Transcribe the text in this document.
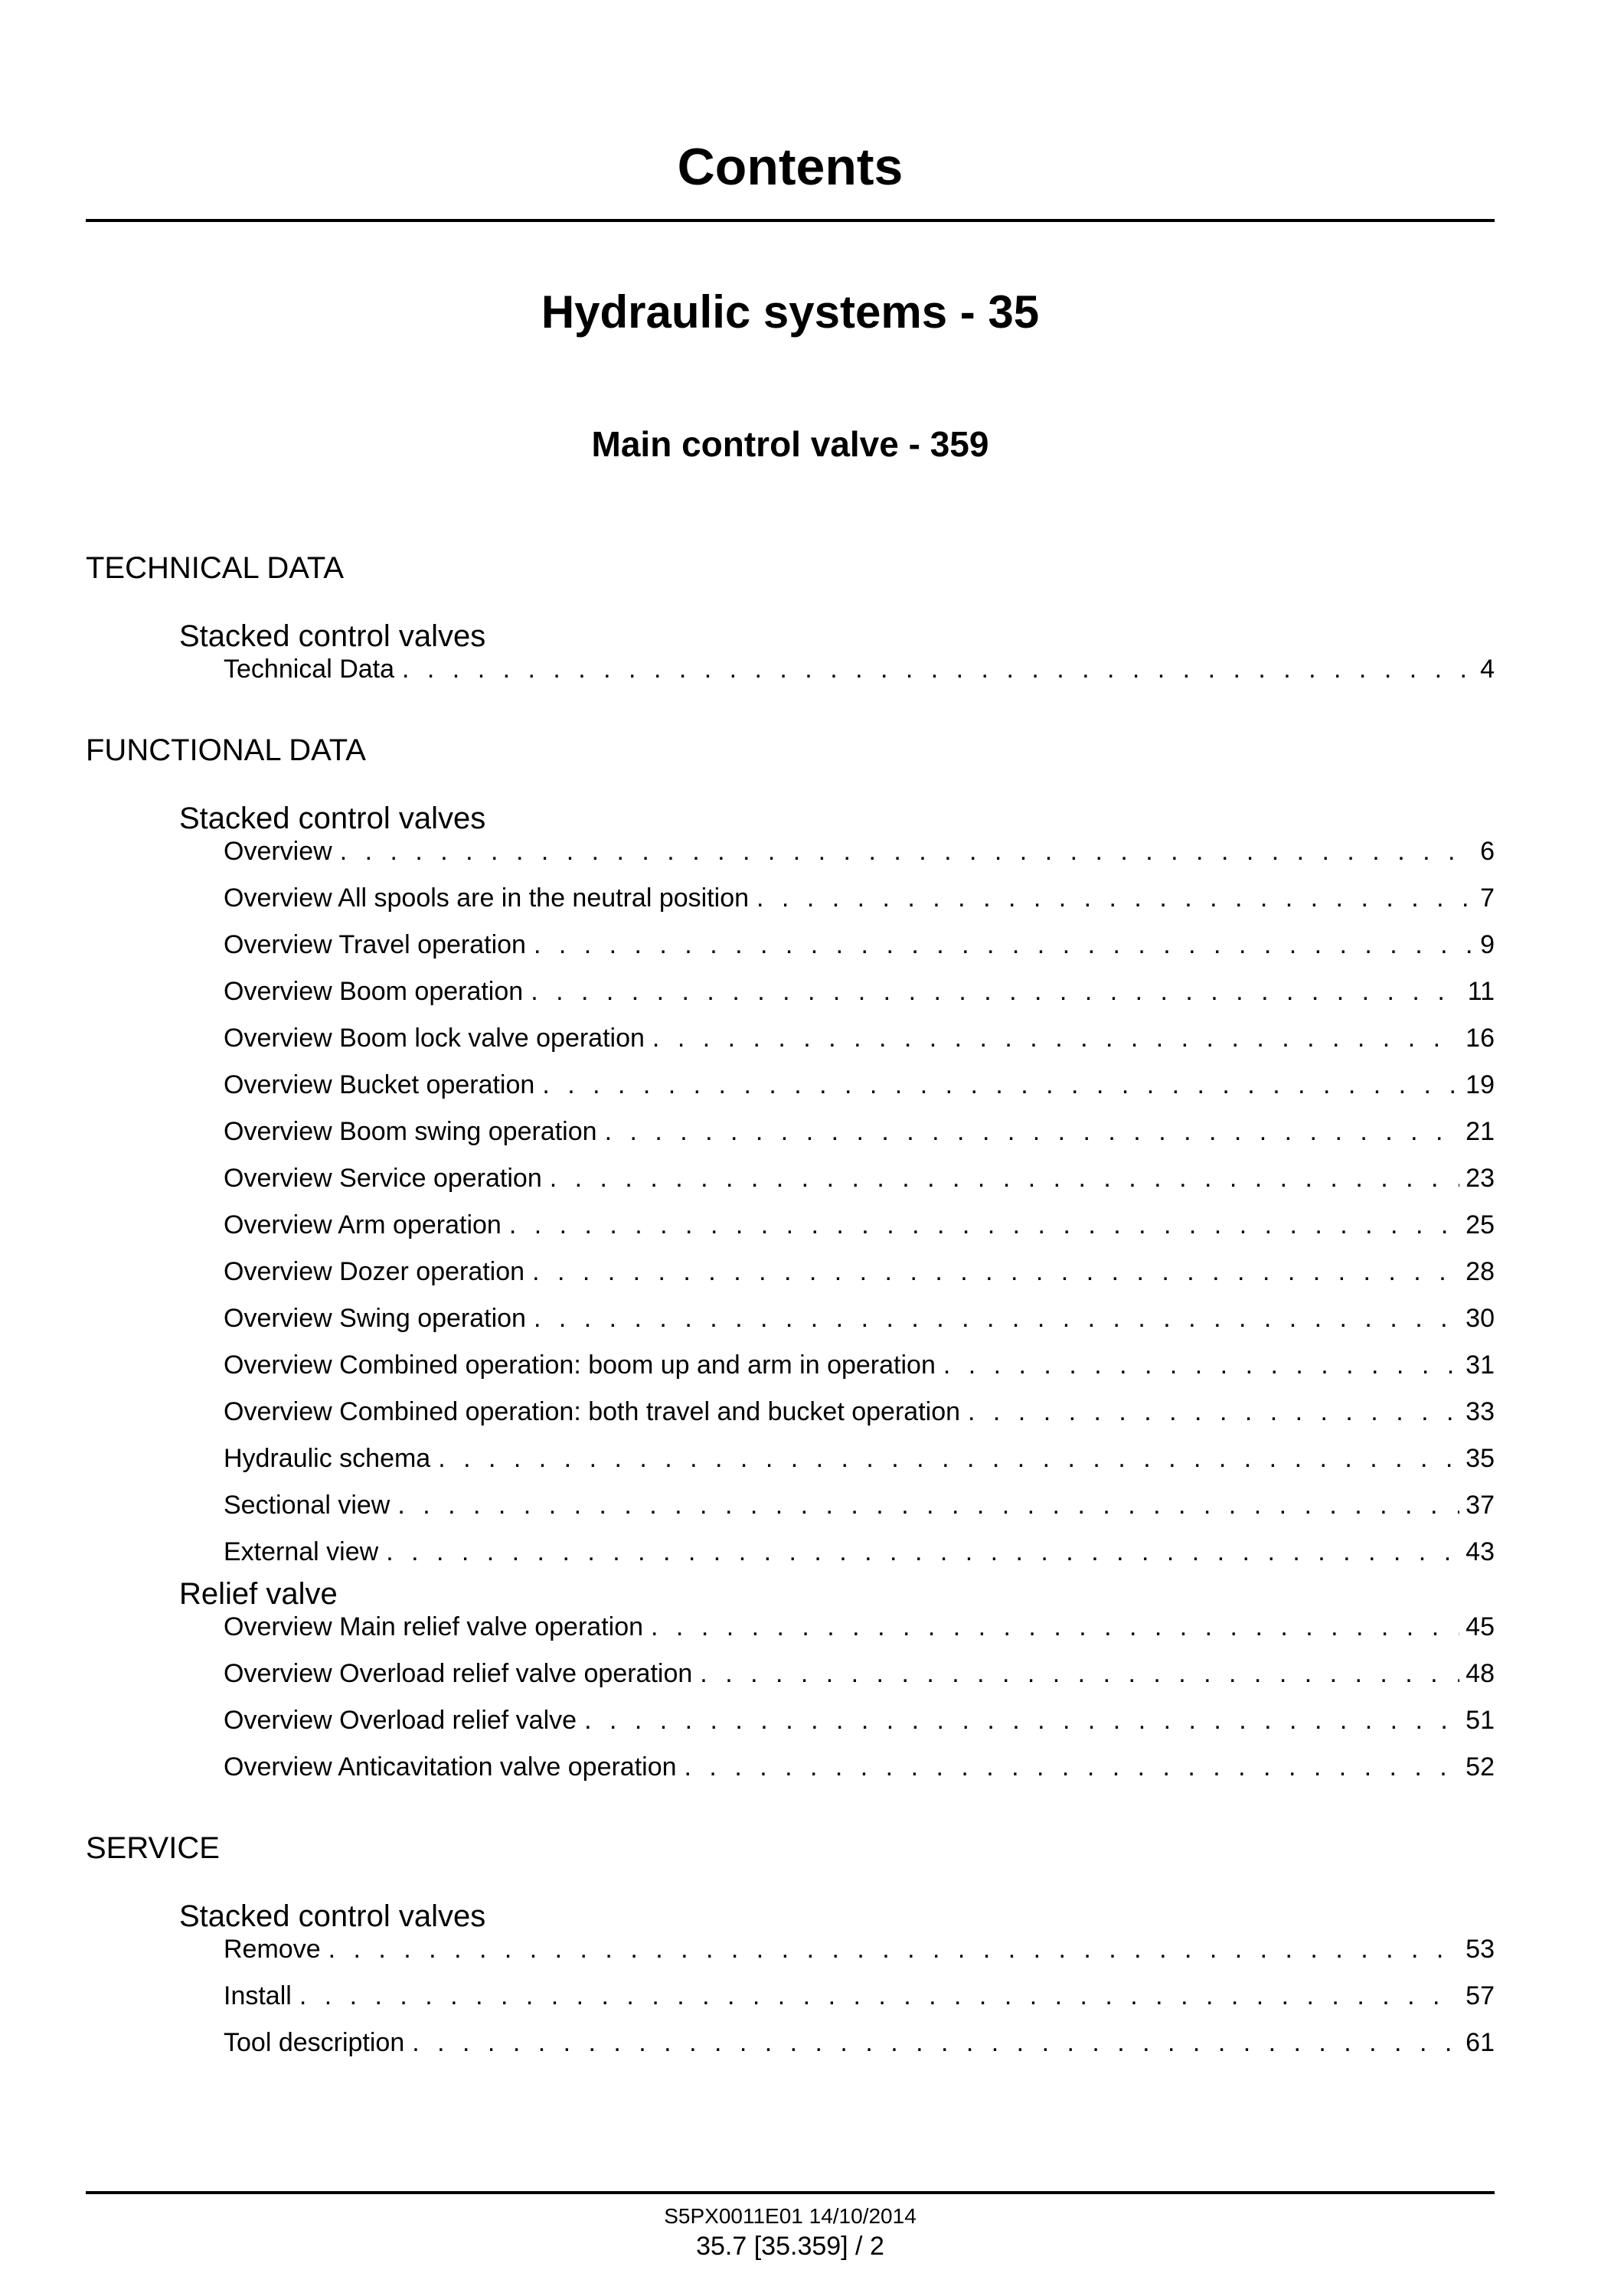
Contents
Hydraulic systems - 35
Main control valve - 359
TECHNICAL DATA
Stacked control valves
Technical Data . . .	4
FUNCTIONAL DATA
Stacked control valves
Overview . . .	6
Overview All spools are in the neutral position . . .	7
Overview Travel operation . . .	9
Overview Boom operation . . .	11
Overview Boom lock valve operation . . .	16
Overview Bucket operation . . .	19
Overview Boom swing operation . . .	21
Overview Service operation . . .	23
Overview Arm operation . . .	25
Overview Dozer operation . . .	28
Overview Swing operation . . .	30
Overview Combined operation: boom up and arm in operation . . .	31
Overview Combined operation: both travel and bucket operation . . .	33
Hydraulic schema . . .	35
Sectional view . . .	37
External view . . .	43
Relief valve
Overview Main relief valve operation . . .	45
Overview Overload relief valve operation . . .	48
Overview Overload relief valve . . .	51
Overview Anticavitation valve operation . . .	52
SERVICE
Stacked control valves
Remove . . .	53
Install . . .	57
Tool description . . .	61
S5PX0011E01 14/10/2014
35.7 [35.359] / 2
